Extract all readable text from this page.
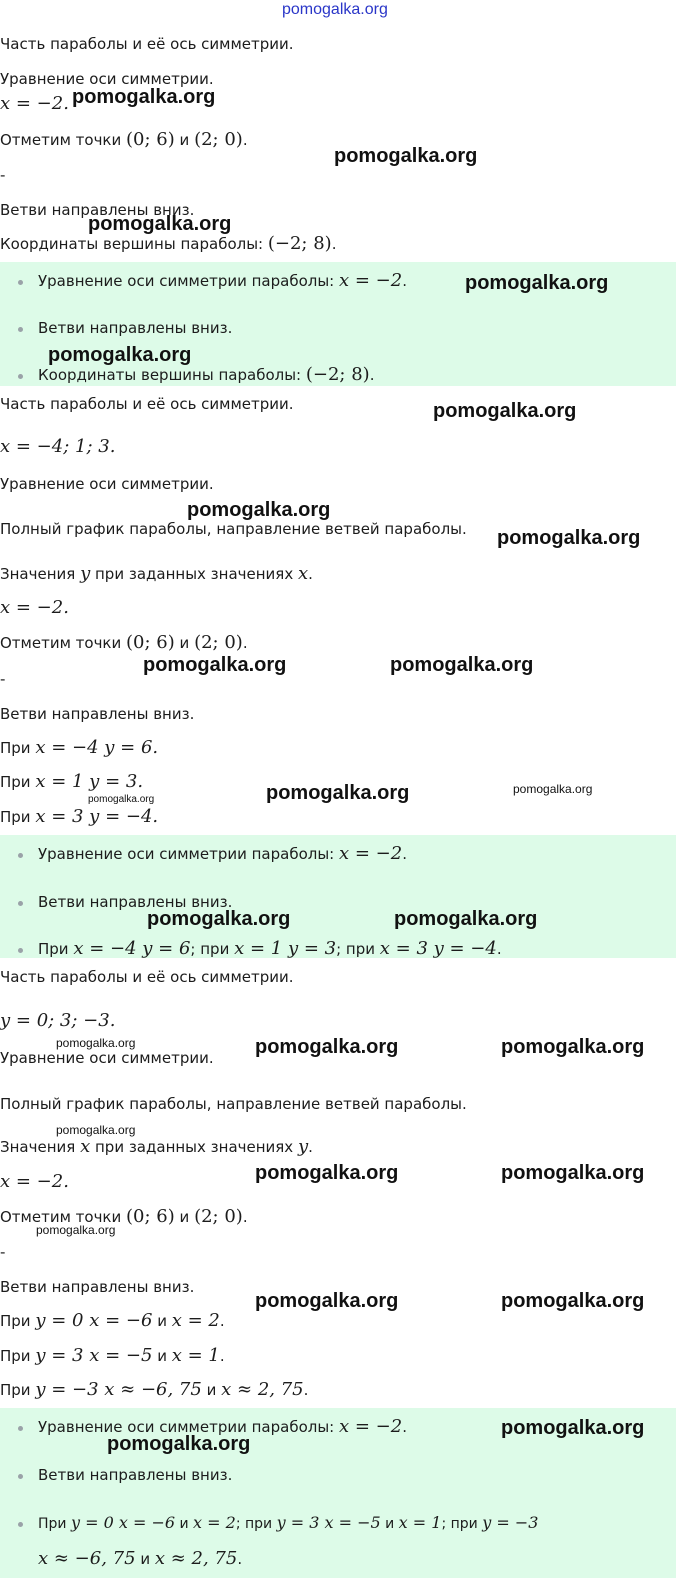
pomogalka.org
Часть параболы и её ось симметрии.
Уравнение оси симметрии.
x = −2.
Отметим точки (0; 6) и (2; 0).
-
Ветви направлены вниз.
Координаты вершины параболы: (−2; 8).
Уравнение оси симметрии параболы: x = −2.
Ветви направлены вниз.
Координаты вершины параболы: (−2; 8).
Часть параболы и её ось симметрии.
x = −4; 1; 3.
Уравнение оси симметрии.
Полный график параболы, направление ветвей параболы.
Значения y при заданных значениях x.
x = −2.
Отметим точки (0; 6) и (2; 0).
-
Ветви направлены вниз.
При x = −4 y = 6.
При x = 1 y = 3.
При x = 3 y = −4.
Уравнение оси симметрии параболы: x = −2.
Ветви направлены вниз.
При x = −4 y = 6; при x = 1 y = 3; при x = 3 y = −4.
Часть параболы и её ось симметрии.
y = 0; 3; −3.
Уравнение оси симметрии.
Полный график параболы, направление ветвей параболы.
Значения x при заданных значениях y.
x = −2.
Отметим точки (0; 6) и (2; 0).
-
Ветви направлены вниз.
При y = 0 x = −6 и x = 2.
При y = 3 x = −5 и x = 1.
При y = −3 x ≈ −6, 75 и x ≈ 2, 75.
Уравнение оси симметрии параболы: x = −2.
Ветви направлены вниз.
При y = 0 x = −6 и x = 2; при y = 3 x = −5 и x = 1; при y = −3
x ≈ −6, 75 и x ≈ 2, 75.
pomogalka.org
pomogalka.org
pomogalka.org
pomogalka.org
pomogalka.org
pomogalka.org
pomogalka.org
pomogalka.org
pomogalka.org	pomogalka.org
pomogalka.org	pomogalka.org
pomogalka.org
pomogalka.org	pomogalka.org
pomogalka.org	pomogalka.org	pomogalka.org
pomogalka.org
pomogalka.org	pomogalka.org
pomogalka.org
pomogalka.org	pomogalka.org
pomogalka.org
pomogalka.org
